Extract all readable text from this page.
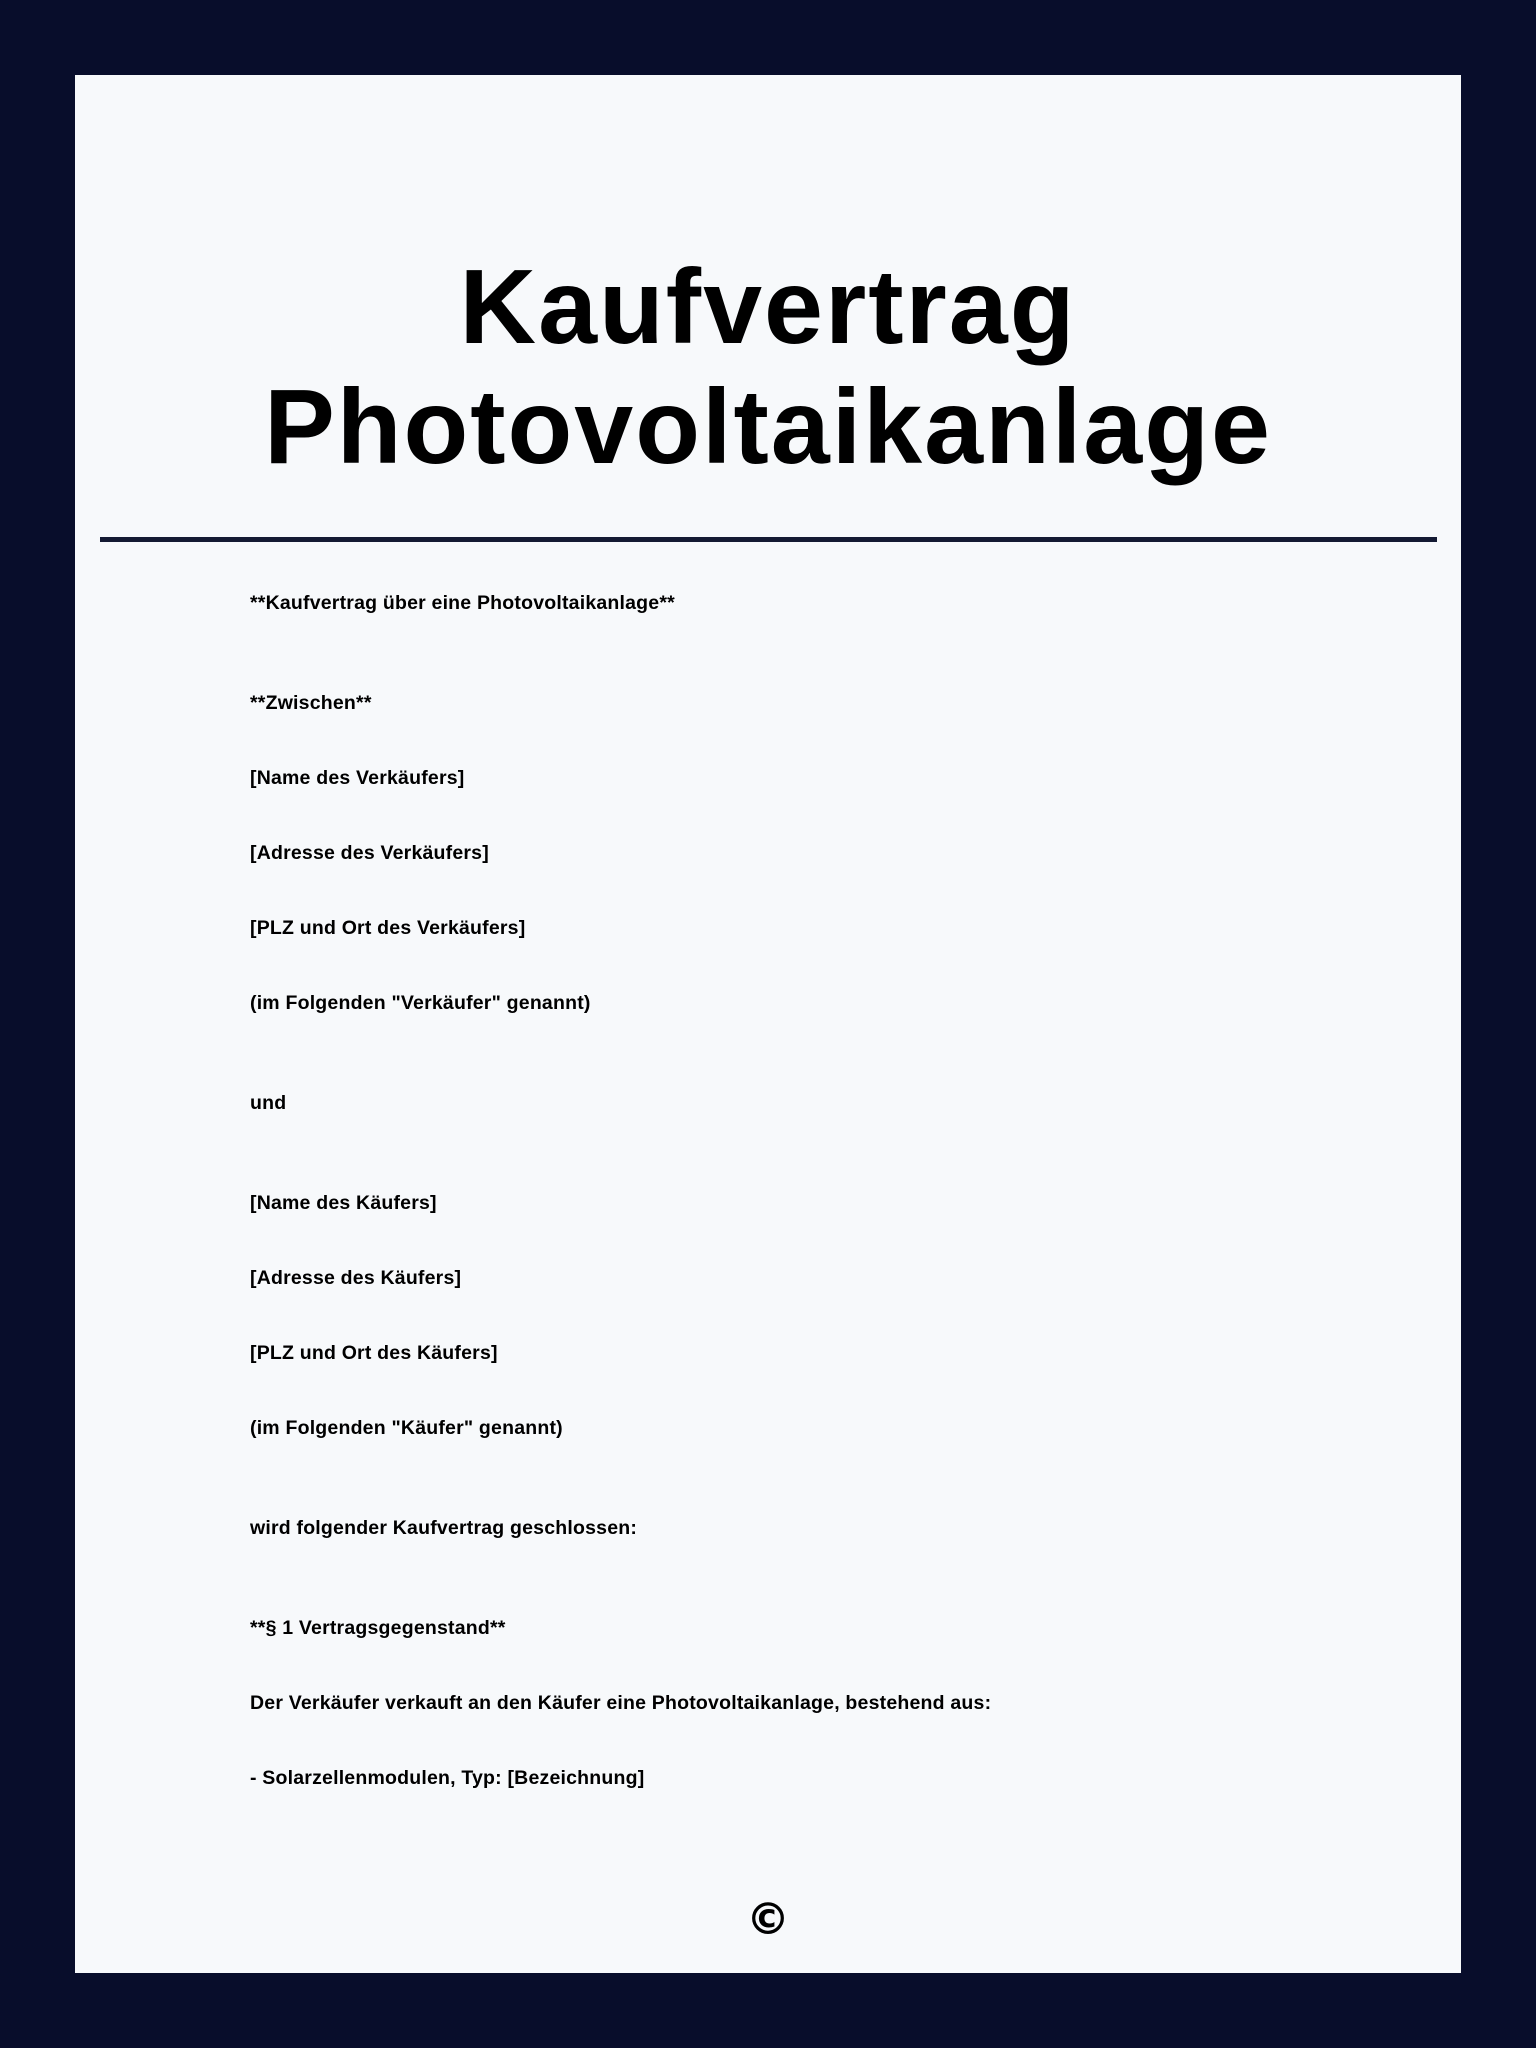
Kaufvertrag
Photovoltaikanlage
**Kaufvertrag über eine Photovoltaikanlage**
**Zwischen**
[Name des Verkäufers]
[Adresse des Verkäufers]
[PLZ und Ort des Verkäufers]
(im Folgenden "Verkäufer" genannt)
und
[Name des Käufers]
[Adresse des Käufers]
[PLZ und Ort des Käufers]
(im Folgenden "Käufer" genannt)
wird folgender Kaufvertrag geschlossen:
**§ 1 Vertragsgegenstand**
Der Verkäufer verkauft an den Käufer eine Photovoltaikanlage, bestehend aus:
- Solarzellenmodulen, Typ: [Bezeichnung]
©
